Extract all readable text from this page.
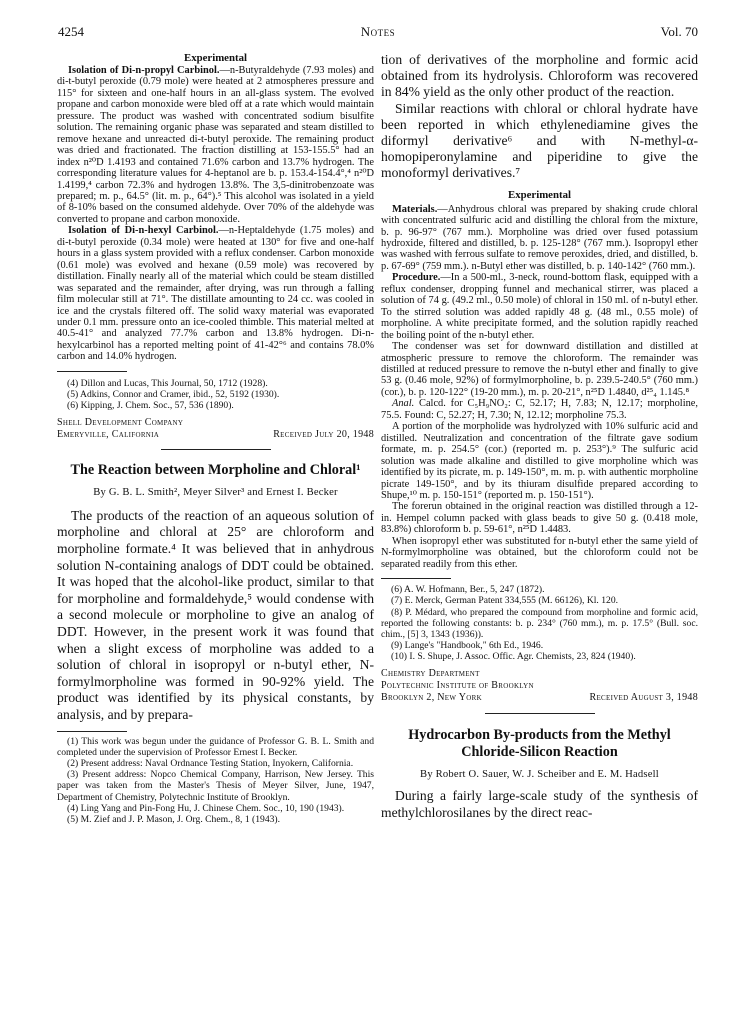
4254	Notes	Vol. 70
Experimental

Isolation of Di-n-propyl Carbinol.—n-Butyraldehyde (7.93 moles) and di-t-butyl peroxide (0.79 mole) were heated at 2 atmospheres pressure and 115° for sixteen and one-half hours in an all-glass system. The evolved propane and carbon monoxide were bled off at a rate which would maintain pressure. The product was washed with concentrated sodium bisulfite solution. The remaining organic phase was separated and steam distilled to remove hexane and unreacted di-t-butyl peroxide. The remaining product was dried and fractionated. The fraction distilling at 153-155.5° had an index n²⁰D 1.4193 and contained 71.6% carbon and 13.7% hydrogen. The corresponding literature values for 4-heptanol are b. p. 153.4-154.4°,⁴ n²⁰D 1.4199,⁴ carbon 72.3% and hydrogen 13.8%. The 3,5-dinitrobenzoate was prepared; m. p., 64.5° (lit. m. p., 64°).⁵ This alcohol was isolated in a yield of 8-10% based on the consumed aldehyde. Over 70% of the aldehyde was converted to propane and carbon monoxide.

Isolation of Di-n-hexyl Carbinol.—n-Heptaldehyde (1.75 moles) and di-t-butyl peroxide (0.34 mole) were heated at 130° for five and one-half hours in a glass system provided with a reflux condenser. Carbon monoxide (0.61 mole) was evolved and hexane (0.59 mole) was recovered by distillation. Finally nearly all of the material which could be steam distilled was separated and the remainder, after drying, was run through a falling film molecular still at 71°. The distillate amounting to 24 cc. was cooled in ice and the crystals filtered off. The solid waxy material was evaporated under 0.1 mm. pressure onto an ice-cooled thimble. This material melted at 40.5-41° and analyzed 77.7% carbon and 13.8% hydrogen. Di-n-hexylcarbinol has a reported melting point of 41-42°⁶ and contains 78.0% carbon and 14.0% hydrogen.

(4) Dillon and Lucas, This Journal, 50, 1712 (1928).

(5) Adkins, Connor and Cramer, ibid., 52, 5192 (1930).

(6) Kipping, J. Chem. Soc., 57, 536 (1890).

Shell Development Company
Emeryville, California	Received July 20, 1948
The Reaction between Morpholine and Chloral¹
By G. B. L. Smith², Meyer Silver³ and Ernest I. Becker
The products of the reaction of an aqueous solution of morpholine and chloral at 25° are chloroform and morpholine formate.⁴ It was believed that in anhydrous solution N-containing analogs of DDT could be obtained. It was hoped that the alcohol-like product, similar to that for morpholine and formaldehyde,⁵ would condense with a second molecule or morpholine to give an analog of DDT. However, in the present work it was found that when a slight excess of morpholine was added to a solution of chloral in isopropyl or n-butyl ether, N-formylmorpholine was formed in 90-92% yield. The product was identified by its physical constants, by analysis, and by prepara-

(1) This work was begun under the guidance of Professor G. B. L. Smith and completed under the supervision of Professor Ernest I. Becker.

(2) Present address: Naval Ordnance Testing Station, Inyokern, California.

(3) Present address: Nopco Chemical Company, Harrison, New Jersey. This paper was taken from the Master's Thesis of Meyer Silver, June, 1947, Department of Chemistry, Polytechnic Institute of Brooklyn.

(4) Ling Yang and Pin-Fong Hu, J. Chinese Chem. Soc., 10, 190 (1943).

(5) M. Zief and J. P. Mason, J. Org. Chem., 8, 1 (1943).

tion of derivatives of the morpholine and formic acid obtained from its hydrolysis. Chloroform was recovered in 84% yield as the only other product of the reaction.

Similar reactions with chloral or chloral hydrate have been reported in which ethylenediamine gives the diformyl derivative⁶ and with N-methyl-α-homopiperonylamine and piperidine to give the monoformyl derivatives.⁷

Experimental

Materials.—Anhydrous chloral was prepared by shaking crude chloral with concentrated sulfuric acid and distilling the chloral from the mixture, b. p. 96-97° (767 mm.). Morpholine was dried over fused potassium hydroxide, filtered and distilled, b. p. 125-128° (767 mm.). Isopropyl ether was washed with ferrous sulfate to remove peroxides, dried, and distilled, b. p. 67-69° (759 mm.). n-Butyl ether was distilled, b. p. 140-142° (760 mm.).

Procedure.—In a 500-ml., 3-neck, round-bottom flask, equipped with a reflux condenser, dropping funnel and mechanical stirrer, was placed a solution of 74 g. (49.2 ml., 0.50 mole) of chloral in 150 ml. of n-butyl ether. To the stirred solution was added rapidly 48 g. (48 ml., 0.55 mole) of morpholine. A white precipitate formed, and the solution rapidly reached the boiling point of the n-butyl ether.

The condenser was set for downward distillation and distilled at atmospheric pressure to remove the chloroform. The remainder was distilled at reduced pressure to remove the n-butyl ether and finally to give 53 g. (0.46 mole, 92%) of formylmorpholine, b. p. 239.5-240.5° (760 mm.) (cor.), b. p. 120-122° (19-20 mm.), m. p. 20-21°, n²⁵D 1.4840, d²⁵₄ 1.145.⁸

Anal. Calcd. for C₅H₉NO₂: C, 52.17; H, 7.83; N, 12.17; morpholine, 75.5. Found: C, 52.27; H, 7.30; N, 12.12; morpholine 75.3.

A portion of the morpholide was hydrolyzed with 10% sulfuric acid and distilled. Neutralization and concentration of the filtrate gave sodium formate, m. p. 254.5° (cor.) (reported m. p. 253°).⁹ The sulfuric acid solution was made alkaline and distilled to give morpholine which was identified by its picrate, m. p. 149-150°, m. m. p. with authentic morpholine picrate 149-150°, and by its thiuram disulfide prepared according to Shupe,¹⁰ m. p. 150-151° (reported m. p. 150-151°).

The forerun obtained in the original reaction was distilled through a 12-in. Hempel column packed with glass beads to give 50 g. (0.418 mole, 83.8%) chloroform b. p. 59-61°, n²⁵D 1.4483.

When isopropyl ether was substituted for n-butyl ether the same yield of N-formylmorpholine was obtained, but the chloroform could not be separated readily from this ether.

(6) A. W. Hofmann, Ber., 5, 247 (1872).

(7) E. Merck, German Patent 334,555 (M. 66126), Kl. 120.

(8) P. Médard, who prepared the compound from morpholine and formic acid, reported the following constants: b. p. 234° (760 mm.), m. p. 17.5° (Bull. soc. chim., [5] 3, 1343 (1936)).

(9) Lange's "Handbook," 6th Ed., 1946.

(10) I. S. Shupe, J. Assoc. Offic. Agr. Chemists, 23, 824 (1940).

Chemistry Department
Polytechnic Institute of Brooklyn
Brooklyn 2, New York	Received August 3, 1948
Hydrocarbon By-products from the Methyl Chloride-Silicon Reaction
By Robert O. Sauer, W. J. Scheiber and E. M. Hadsell
During a fairly large-scale study of the synthesis of methylchlorosilanes by the direct reac-
